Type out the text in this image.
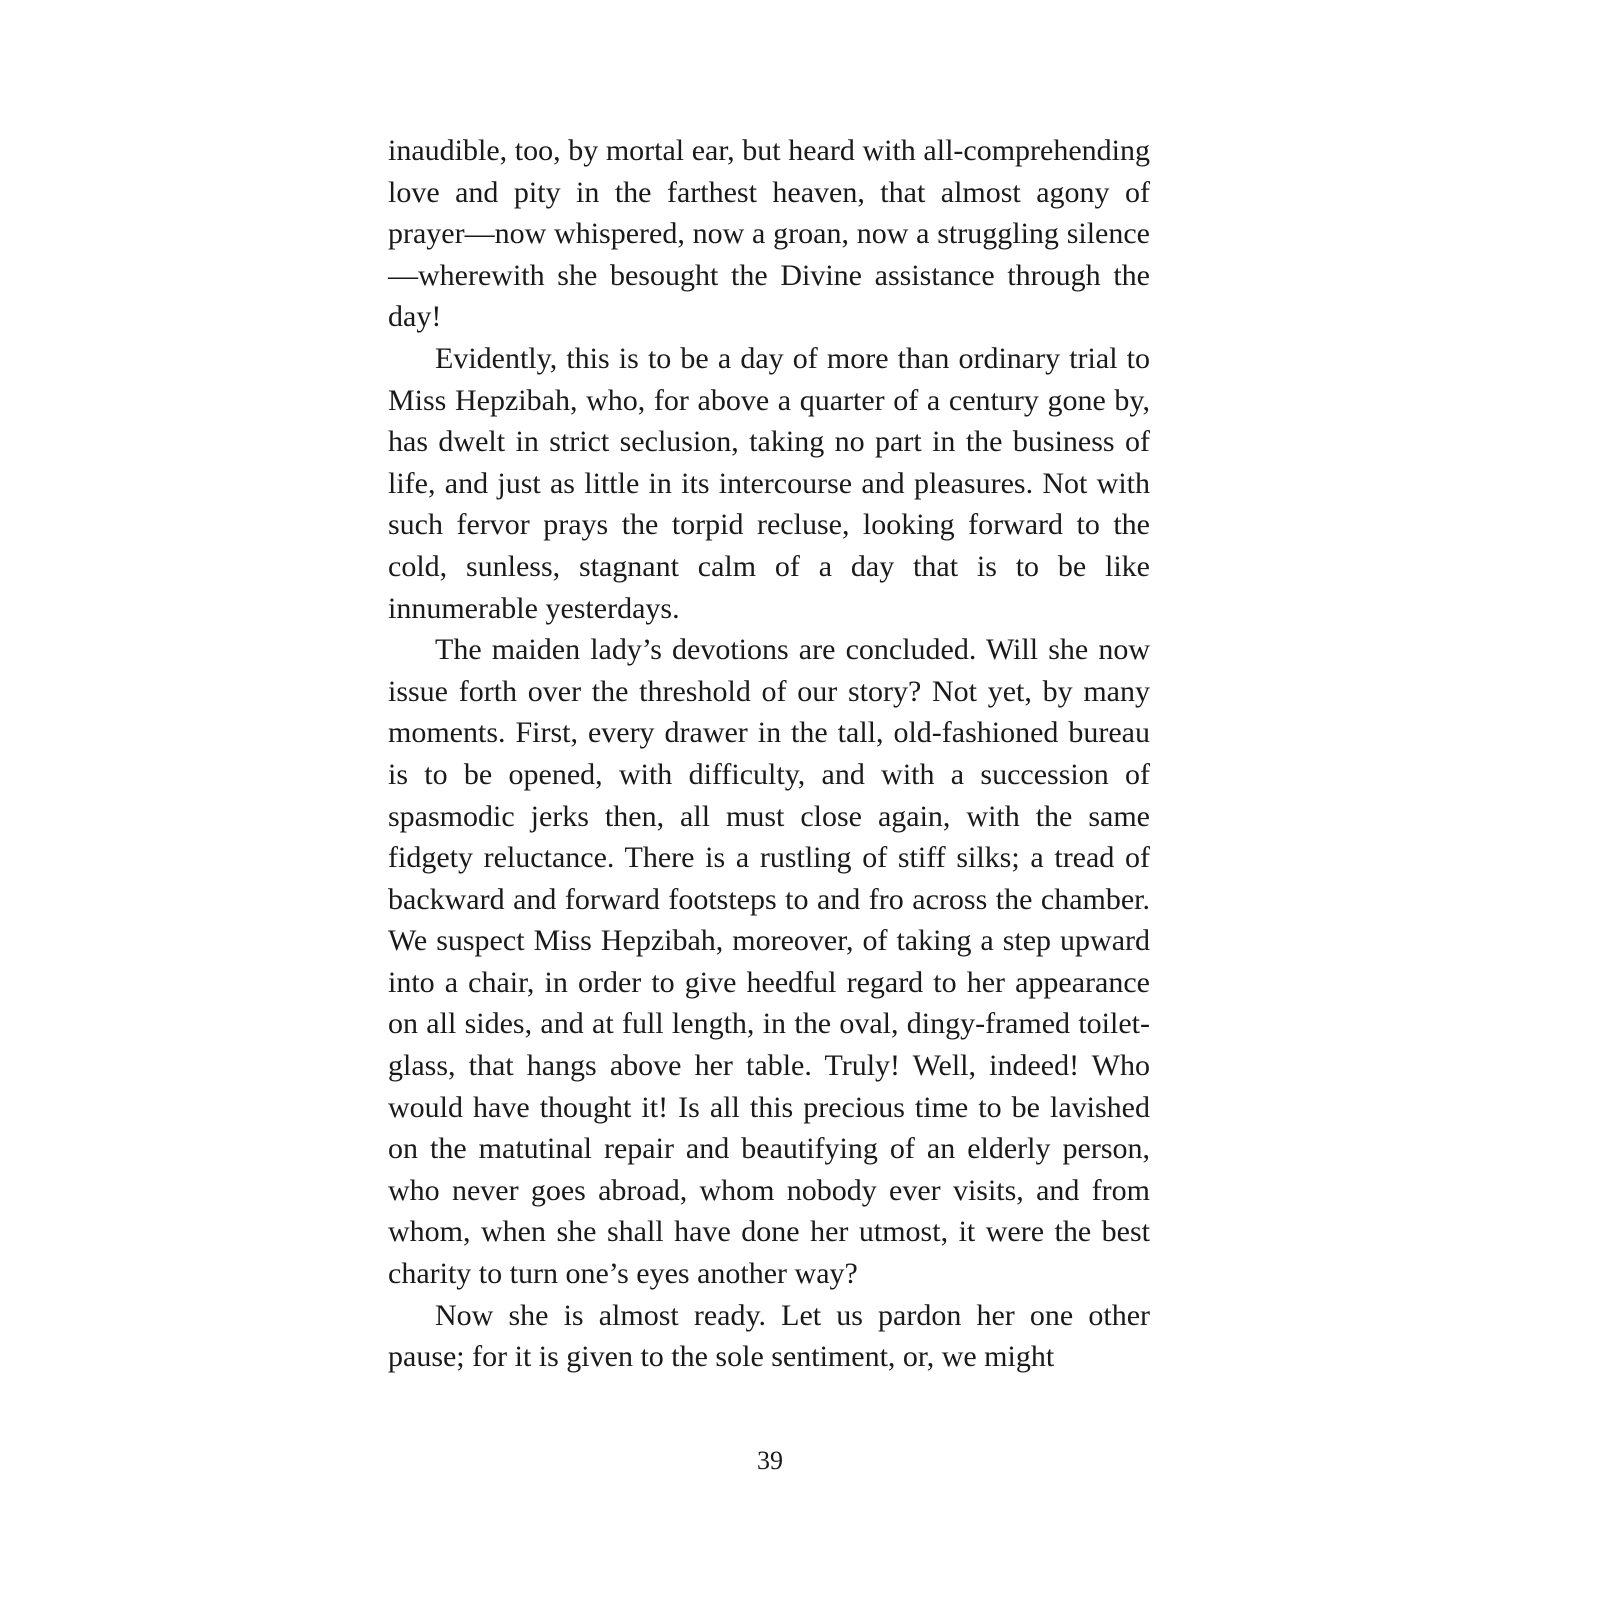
inaudible, too, by mortal ear, but heard with all-comprehending love and pity in the farthest heaven, that almost agony of prayer—now whispered, now a groan, now a struggling silence—wherewith she besought the Divine assistance through the day!

Evidently, this is to be a day of more than ordinary trial to Miss Hepzibah, who, for above a quarter of a century gone by, has dwelt in strict seclusion, taking no part in the business of life, and just as little in its intercourse and pleasures. Not with such fervor prays the torpid recluse, looking forward to the cold, sunless, stagnant calm of a day that is to be like innumerable yesterdays.

The maiden lady’s devotions are concluded. Will she now issue forth over the threshold of our story? Not yet, by many moments. First, every drawer in the tall, old-fashioned bureau is to be opened, with difficulty, and with a succession of spasmodic jerks then, all must close again, with the same fidgety reluctance. There is a rustling of stiff silks; a tread of backward and forward footsteps to and fro across the chamber. We suspect Miss Hepzibah, moreover, of taking a step upward into a chair, in order to give heedful regard to her appearance on all sides, and at full length, in the oval, dingy-framed toilet-glass, that hangs above her table. Truly! Well, indeed! Who would have thought it! Is all this precious time to be lavished on the matutinal repair and beautifying of an elderly person, who never goes abroad, whom nobody ever visits, and from whom, when she shall have done her utmost, it were the best charity to turn one’s eyes another way?

Now she is almost ready. Let us pardon her one other pause; for it is given to the sole sentiment, or, we might

39
